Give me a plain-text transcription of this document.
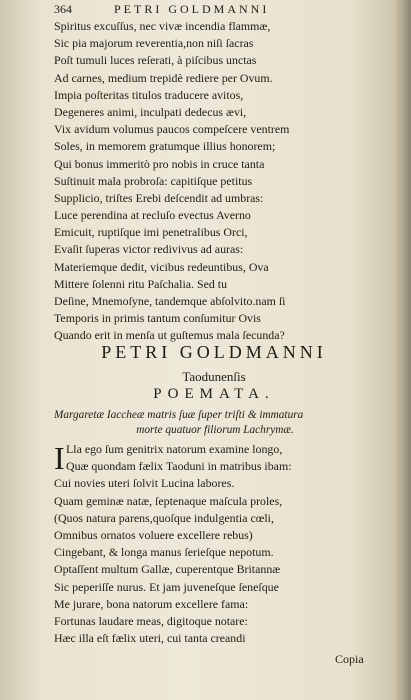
364	PETRI GOLDMANNI
Spiritus excuſſus, nec vivæ incendia flammæ,
Sic pia majorum reverentia,non niſi ſacras
Poſt tumuli luces reſerati, à piſcibus unctas
Ad carnes, medium trepidè rediere per Ovum.
Impia poſteritas titulos traducere avitos,
Degeneres animi, inculpati dedecus ævi,
Vix avidum volumus paucos compeſcere ventrem
Soles, in memorem gratumque illius honorem;
Qui bonus immeritò pro nobis in cruce tanta
Suſtinuit mala probroſa: capitiſque petitus
Supplicio, triſtes Erebi deſcendit ad umbras:
Luce perendina at recluſo evectus Averno
Emicuit, ruptiſque imi penetralibus Orci,
Evaſit ſuperas victor redivivus ad auras:
Materiemque dedit, vicibus redeuntibus, Ova
Mittere ſolenni ritu Paſchalia. Sed tu
Deſine, Mnemoſyne, tandemque abſolvito.nam ſi
Temporis in primis tantum conſumitur Ovis
Quando erit in menſa ut guſtemus mala ſecunda?
PETRI GOLDMANNI
Taodunenſis
POEMATA.
Margaretæ Iaccheæ matris ſuæ ſuper triſti & immatura
morte quatuor filiorum Lachrymæ.
I Lla ego ſum genitrix natorum examine longo,
Quæ quondam fælix Taoduni in matribus ibam:
Cui novies uteri ſolvit Lucina labores.
Quam geminæ natæ, ſeptenaque maſcula proles,
(Quos natura parens,quoſque indulgentia cœli,
Omnibus ornatos voluere excellere rebus)
Cingebant, & longa manus ſerieſque nepotum.
Optaſſent multum Gallæ, cuperentque Britannæ
Sic peperiſſe nurus. Et jam juveneſque ſeneſque
Me jurare, bona natorum excellere fama:
Fortunas laudare meas, digitoque notare:
Hæc illa eſt fælix uteri, cui tanta creandi
Copia
